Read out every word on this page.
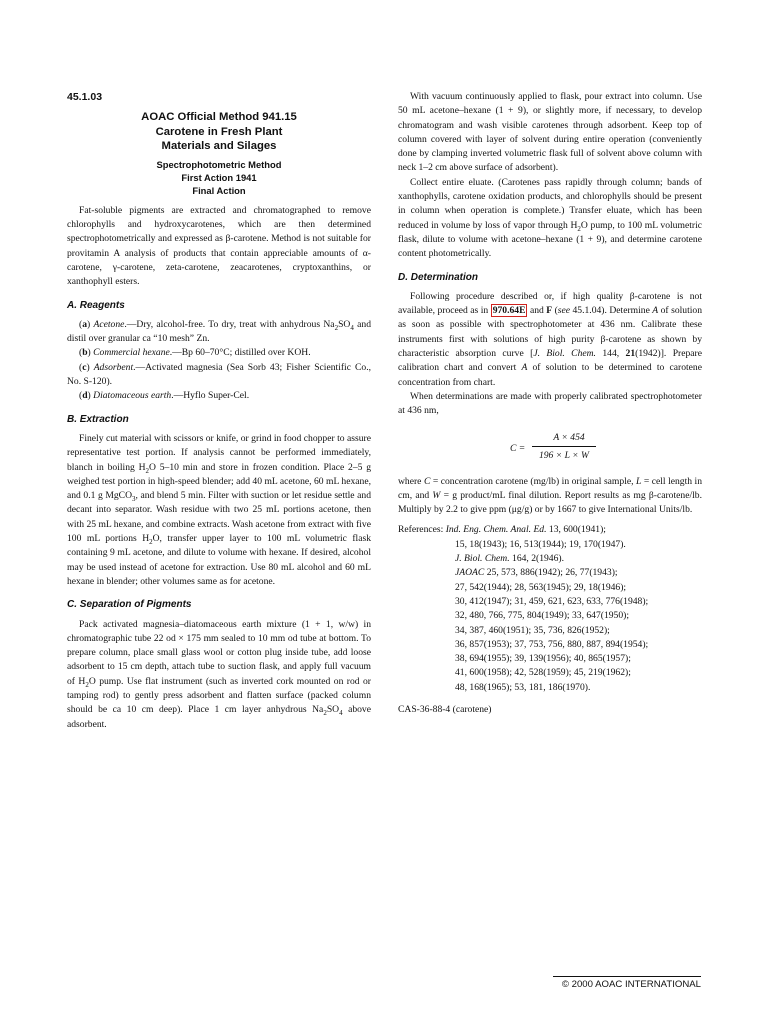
45.1.03
AOAC Official Method 941.15
Carotene in Fresh Plant
Materials and Silages
Spectrophotometric Method
First Action 1941
Final Action

Fat-soluble pigments are extracted and chromatographed to remove chlorophylls and hydroxycarotenes, which are then determined spectrophotometrically and expressed as β-carotene. Method is not suitable for provitamin A analysis of products that contain appreciable amounts of α-carotene, γ-carotene, zeta-carotene, zeacarotenes, cryptoxanthins, or xanthophyll esters.

A. Reagents

(a) Acetone.—Dry, alcohol-free. To dry, treat with anhydrous $Na_2SO_4$ and distil over granular ca “10 mesh” Zn.

(b) Commercial hexane.—Bp 60–70°C; distilled over KOH.

(c) Adsorbent.—Activated magnesia (Sea Sorb 43; Fisher Scientific Co., No. S-120).

(d) Diatomaceous earth.—Hyflo Super-Cel.

B. Extraction

Finely cut material with scissors or knife, or grind in food chopper to assure representative test portion. If analysis cannot be performed immediately, blanch in boiling $H_2O$ 5–10 min and store in frozen condition. Place 2–5 g weighed test portion in high-speed blender; add 40 mL acetone, 60 mL hexane, and 0.1 g MgCO$_3$, and blend 5 min. Filter with suction or let residue settle and decant into separator. Wash residue with two 25 mL portions acetone, then with 25 mL hexane, and combine extracts. Wash acetone from extract with five 100 mL portions $H_2O$, transfer upper layer to 100 mL volumetric flask containing 9 mL acetone, and dilute to volume with hexane. If desired, alcohol may be used instead of acetone for extraction. Use 80 mL alcohol and 60 mL hexane in blender; other volumes same as for acetone.

C. Separation of Pigments

Pack activated magnesia–diatomaceous earth mixture (1 + 1, w/w) in chromatographic tube 22 od × 175 mm sealed to 10 mm od tube at bottom. To prepare column, place small glass wool or cotton plug inside tube, add loose adsorbent to 15 cm depth, attach tube to suction flask, and apply full vacuum of $H_2O$ pump. Use flat instrument (such as inverted cork mounted on rod or tamping rod) to gently press adsorbent and flatten surface (packed column should be ca 10 cm deep). Place 1 cm layer anhydrous $Na_2SO_4$ above adsorbent.

With vacuum continuously applied to flask, pour extract into column. Use 50 mL acetone–hexane (1 + 9), or slightly more, if necessary, to develop chromatogram and wash visible carotenes through adsorbent. Keep top of column covered with layer of solvent during entire operation (conveniently done by clamping inverted volumetric flask full of solvent above column with neck 1–2 cm above surface of adsorbent).

Collect entire eluate. (Carotenes pass rapidly through column; bands of xanthophylls, carotene oxidation products, and chlorophylls should be present in column when operation is complete.) Transfer eluate, which has been reduced in volume by loss of vapor through $H_2O$ pump, to 100 mL volumetric flask, dilute to volume with acetone–hexane (1 + 9), and determine carotene content photometrically.

D. Determination

Following procedure described or, if high quality β-carotene is not available, proceed as in 970.64E and F (see 45.1.04). Determine A of solution as soon as possible with spectrophotometer at 436 nm. Calibrate these instruments first with solutions of high purity β-carotene as shown by characteristic absorption curve [J. Biol. Chem. 144, 21(1942)]. Prepare calibration chart and convert A of solution to be determined to carotene concentration from chart.

When determinations are made with properly calibrated spectrophotometer at 436 nm,

C =
A × 454
196 × L × W

where C = concentration carotene (mg/lb) in original sample, L = cell length in cm, and W = g product/mL final dilution. Report results as mg β-carotene/lb. Multiply by 2.2 to give ppm (μg/g) or by 1667 to give International Units/lb.

References: Ind. Eng. Chem. Anal. Ed. 13, 600(1941);

15, 18(1943); 16, 513(1944); 19, 170(1947).

J. Biol. Chem. 164, 2(1946).

JAOAC 25, 573, 886(1942); 26, 77(1943);

27, 542(1944); 28, 563(1945); 29, 18(1946);

30, 412(1947); 31, 459, 621, 623, 633, 776(1948);

32, 480, 766, 775, 804(1949); 33, 647(1950);

34, 387, 460(1951); 35, 736, 826(1952);

36, 857(1953); 37, 753, 756, 880, 887, 894(1954);

38, 694(1955); 39, 139(1956); 40, 865(1957);

41, 600(1958); 42, 528(1959); 45, 219(1962);

48, 168(1965); 53, 181, 186(1970).

CAS-36-88-4 (carotene)

© 2000 AOAC INTERNATIONAL
